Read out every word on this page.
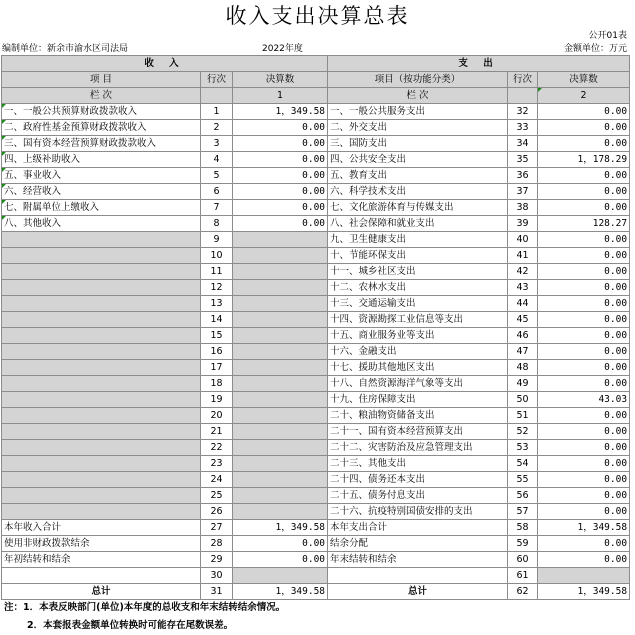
收入支出决算总表
公开01表
编制单位：新余市渝水区司法局	2022年度	金额单位：万元
收 入			支 出		
项 目	行次	决算数	项目（按功能分类）	行次	决算数
栏 次		1	栏 次		2
一、一般公共预算财政拨款收入	1	1，349.58	一、一般公共服务支出	32	0.00
二、政府性基金预算财政拨款收入	2	0.00	二、外交支出	33	0.00
三、国有资本经营预算财政拨款收入	3	0.00	三、国防支出	34	0.00
四、上级补助收入	4	0.00	四、公共安全支出	35	1，178.29
五、事业收入	5	0.00	五、教育支出	36	0.00
六、经营收入	6	0.00	六、科学技术支出	37	0.00
七、附属单位上缴收入	7	0.00	七、文化旅游体育与传媒支出	38	0.00
八、其他收入	8	0.00	八、社会保障和就业支出	39	128.27
	9		九、卫生健康支出	40	0.00
	10		十、节能环保支出	41	0.00
	11		十一、城乡社区支出	42	0.00
	12		十二、农林水支出	43	0.00
	13		十三、交通运输支出	44	0.00
	14		十四、资源勘探工业信息等支出	45	0.00
	15		十五、商业服务业等支出	46	0.00
	16		十六、金融支出	47	0.00
	17		十七、援助其他地区支出	48	0.00
	18		十八、自然资源海洋气象等支出	49	0.00
	19		十九、住房保障支出	50	43.03
	20		二十、粮油物资储备支出	51	0.00
	21		二十一、国有资本经营预算支出	52	0.00
	22		二十二、灾害防治及应急管理支出	53	0.00
	23		二十三、其他支出	54	0.00
	24		二十四、债务还本支出	55	0.00
	25		二十五、债务付息支出	56	0.00
	26		二十六、抗疫特别国债安排的支出	57	0.00
本年收入合计	27	1，349.58	本年支出合计	58	1，349.58
使用非财政拨款结余	28	0.00	结余分配	59	0.00
年初结转和结余	29	0.00	年末结转和结余	60	0.00
	30			61	
总计	31	1，349.58	总计	62	1，349.58
注：1．本表反映部门(单位)本年度的总收支和年末结转结余情况。
2．本套报表金额单位转换时可能存在尾数误差。
